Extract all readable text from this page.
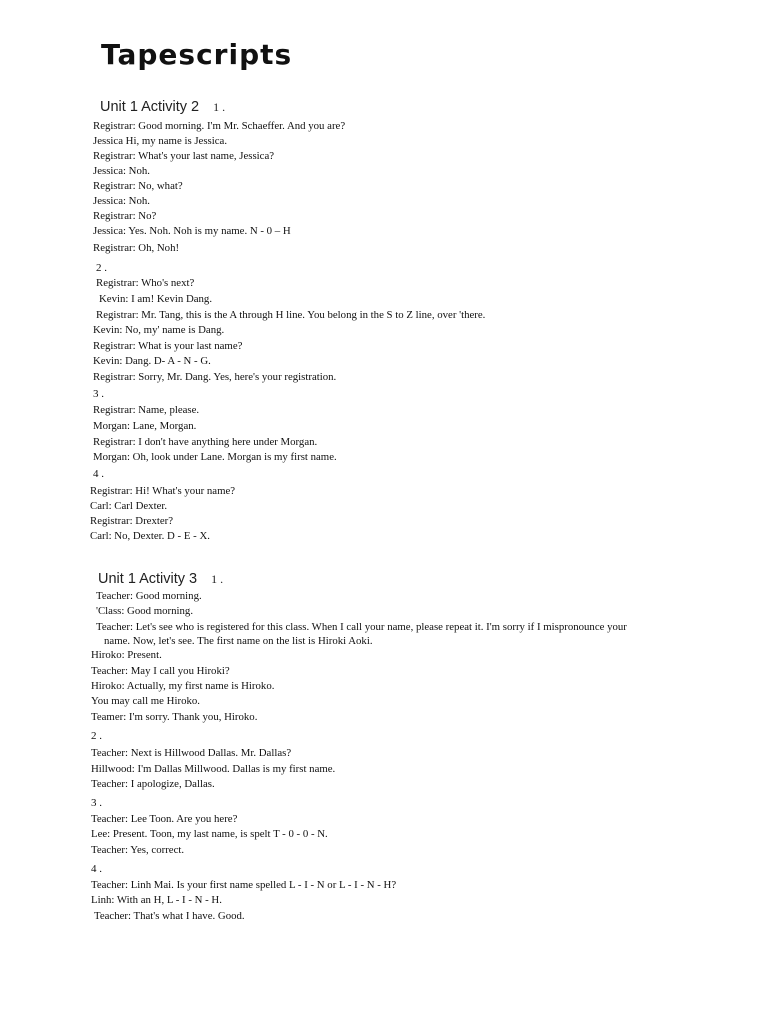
Tapescripts
Unit 1 Activity 2 1 .
Registrar: Good morning. I'm Mr. Schaeffer. And you are?
Jessica Hi, my name is Jessica.
Registrar: What's your last name, Jessica?
Jessica: Noh.
Registrar: No, what?
Jessica: Noh.
Registrar: No?
Jessica: Yes. Noh. Noh is my name. N - 0 – H
Registrar: Oh, Noh!
2 .
Registrar: Who's next?
Kevin: I am! Kevin Dang.
Registrar: Mr. Tang, this is the A through H line. You belong in the S to Z line, over 'there.
Kevin: No, my' name is Dang.
Registrar: What is your last name?
Kevin: Dang. D- A - N - G.
Registrar: Sorry, Mr. Dang. Yes, here's your registration.
3 .
Registrar: Name, please.
Morgan: Lane, Morgan.
Registrar: I don't have anything here under Morgan.
Morgan: Oh, look under Lane. Morgan is my first name.
4 .
Registrar: Hi! What's your name?
Carl: Carl Dexter.
Registrar: Drexter?
Carl: No, Dexter. D - E - X.
Unit 1 Activity 3 1 .
Teacher: Good morning.
'Class: Good morning.
Teacher: Let's see who is registered for this class. When I call your name, please repeat it. I'm sorry if I mispronounce your
name. Now, let's see. The first name on the list is Hiroki Aoki.
Hiroko: Present.
Teacher: May I call you Hiroki?
Hiroko: Actually, my first name is Hiroko.
You may call me Hiroko.
Teamer: I'm sorry. Thank you, Hiroko.
2 .
Teacher: Next is Hillwood Dallas. Mr. Dallas?
Hillwood: I'm Dallas Millwood. Dallas is my first name.
Teacher: I apologize, Dallas.
3 .
Teacher: Lee Toon. Are you here?
Lee: Present. Toon, my last name, is spelt T - 0 - 0 - N.
Teacher: Yes, correct.
4 .
Teacher: Linh Mai. Is your first name spelled L - I - N or L - I - N - H?
Linh: With an H, L - I - N - H.
Teacher: That's what I have. Good.
